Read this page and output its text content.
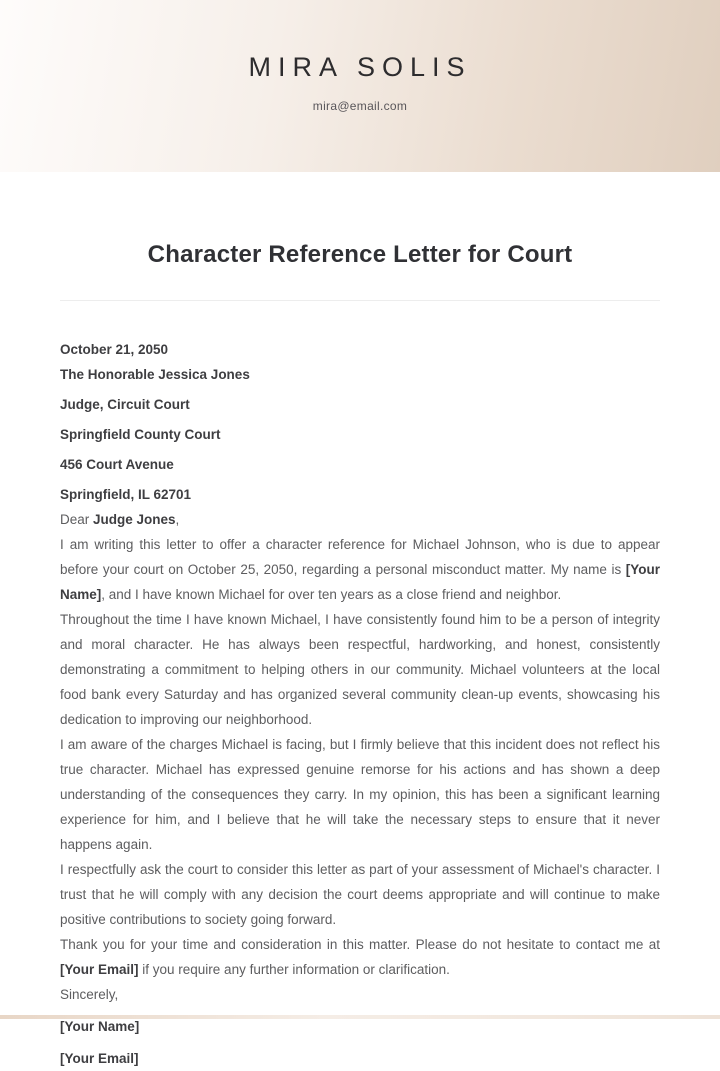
MIRA SOLIS
mira@email.com
Character Reference Letter for Court
October 21, 2050
The Honorable Jessica Jones
Judge, Circuit Court
Springfield County Court
456 Court Avenue
Springfield, IL 62701
Dear Judge Jones,

I am writing this letter to offer a character reference for Michael Johnson, who is due to appear before your court on October 25, 2050, regarding a personal misconduct matter. My name is [Your Name], and I have known Michael for over ten years as a close friend and neighbor.

Throughout the time I have known Michael, I have consistently found him to be a person of integrity and moral character. He has always been respectful, hardworking, and honest, consistently demonstrating a commitment to helping others in our community. Michael volunteers at the local food bank every Saturday and has organized several community clean-up events, showcasing his dedication to improving our neighborhood.

I am aware of the charges Michael is facing, but I firmly believe that this incident does not reflect his true character. Michael has expressed genuine remorse for his actions and has shown a deep understanding of the consequences they carry. In my opinion, this has been a significant learning experience for him, and I believe that he will take the necessary steps to ensure that it never happens again.

I respectfully ask the court to consider this letter as part of your assessment of Michael's character. I trust that he will comply with any decision the court deems appropriate and will continue to make positive contributions to society going forward.

Thank you for your time and consideration in this matter. Please do not hesitate to contact me at [Your Email] if you require any further information or clarification.

Sincerely,
[Your Name]
[Your Email]
